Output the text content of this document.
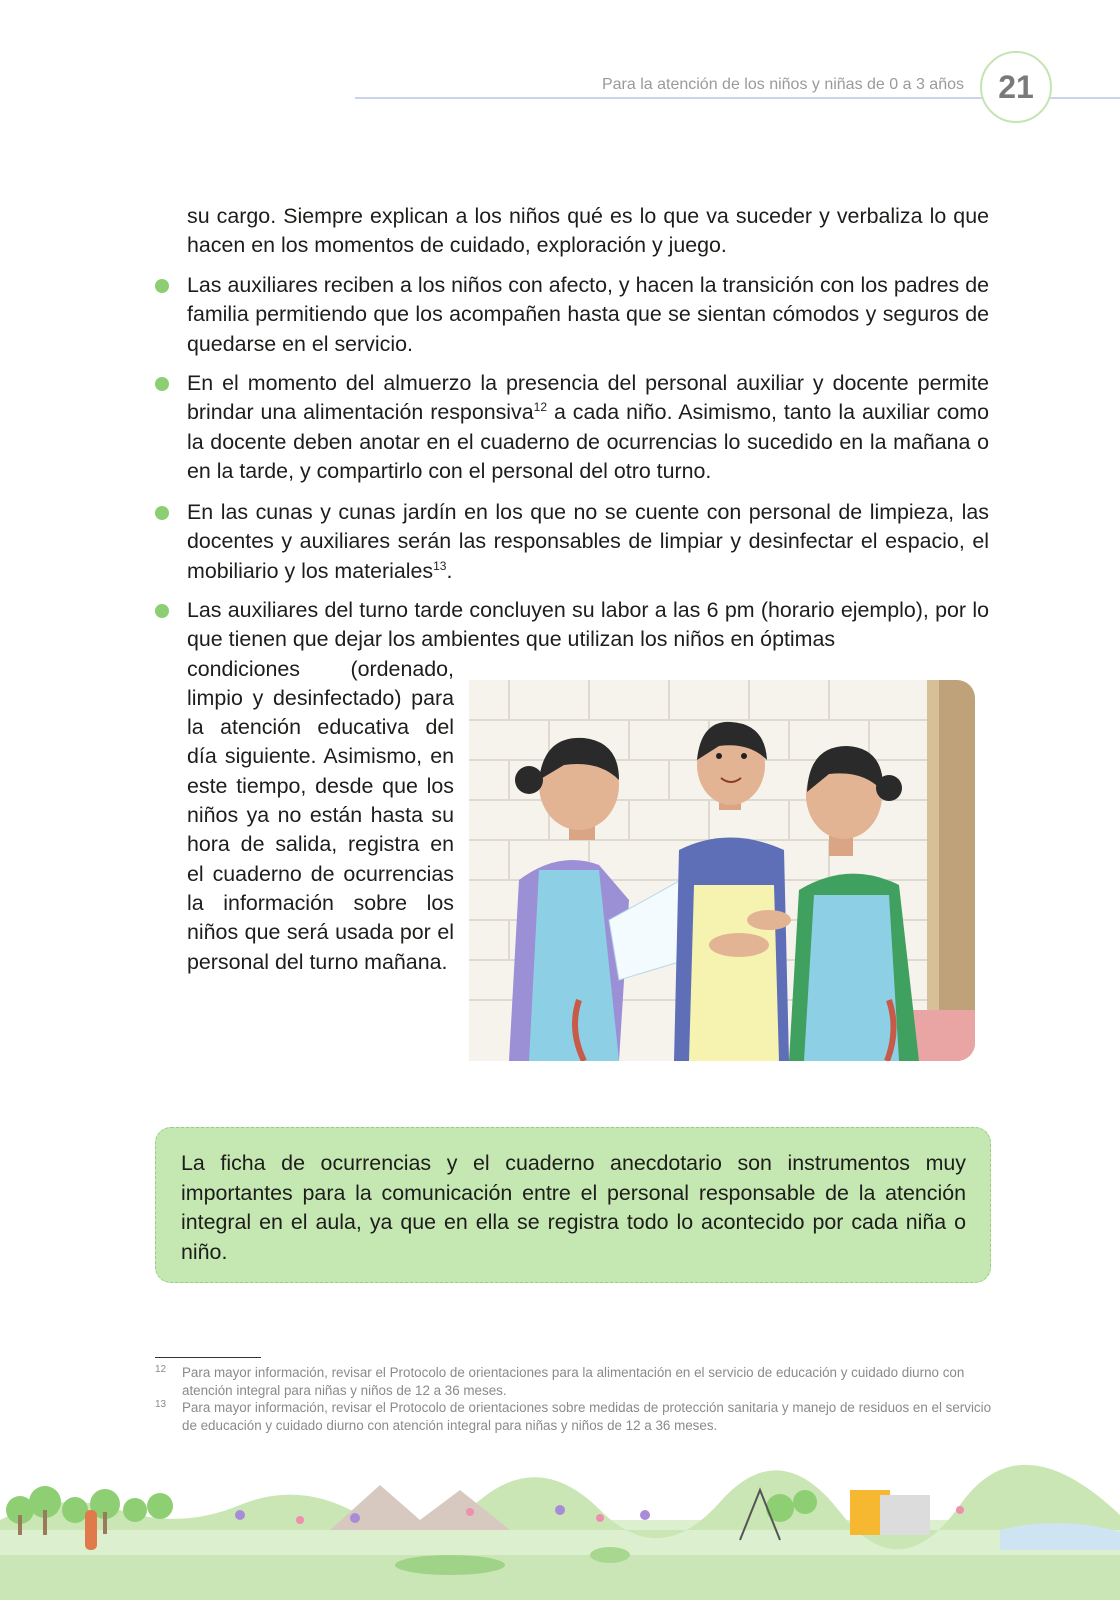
Para la atención de los niños y niñas de 0 a 3 años	21

su cargo. Siempre explican a los niños qué es lo que va suceder y verbaliza lo que hacen en los momentos de cuidado, exploración y juego.

Las auxiliares reciben a los niños con afecto, y hacen la transición con los padres de familia permitiendo que los acompañen hasta que se sientan cómodos y seguros de quedarse en el servicio.
En el momento del almuerzo la presencia del personal auxiliar y docente permite brindar una alimentación responsiva$^{12}$ a cada niño. Asimismo, tanto la auxiliar como la docente deben anotar en el cuaderno de ocurrencias lo sucedido en la mañana o en la tarde, y compartirlo con el personal del otro turno.
En las cunas y cunas jardín en los que no se cuente con personal de limpieza, las docentes y auxiliares serán las responsables de limpiar y desinfectar el espacio, el mobiliario y los materiales$^{13}$.
Las auxiliares del turno tarde concluyen su labor a las 6 pm (horario ejemplo), por lo que tienen que dejar los ambientes que utilizan los niños en óptimas

condiciones (ordenado, limpio y desinfectado) para la atención educativa del día siguiente. Asimismo, en este tiempo, desde que los niños ya no están hasta su hora de salida, registra en el cuaderno de ocurrencias la información sobre los niños que será usada por el personal del turno mañana.

La ficha de ocurrencias y el cuaderno anecdotario son instrumentos muy importantes para la comunicación entre el personal responsable de la atención integral en el aula, ya que en ella se registra todo lo acontecido por cada niña o niño.
12 Para mayor información, revisar el Protocolo de orientaciones para la alimentación en el servicio de educación y cuidado diurno con atención integral para niñas y niños de 12 a 36 meses.
13 Para mayor información, revisar el Protocolo de orientaciones sobre medidas de protección sanitaria y manejo de residuos en el servicio de educación y cuidado diurno con atención integral para niñas y niños de 12 a 36 meses.
